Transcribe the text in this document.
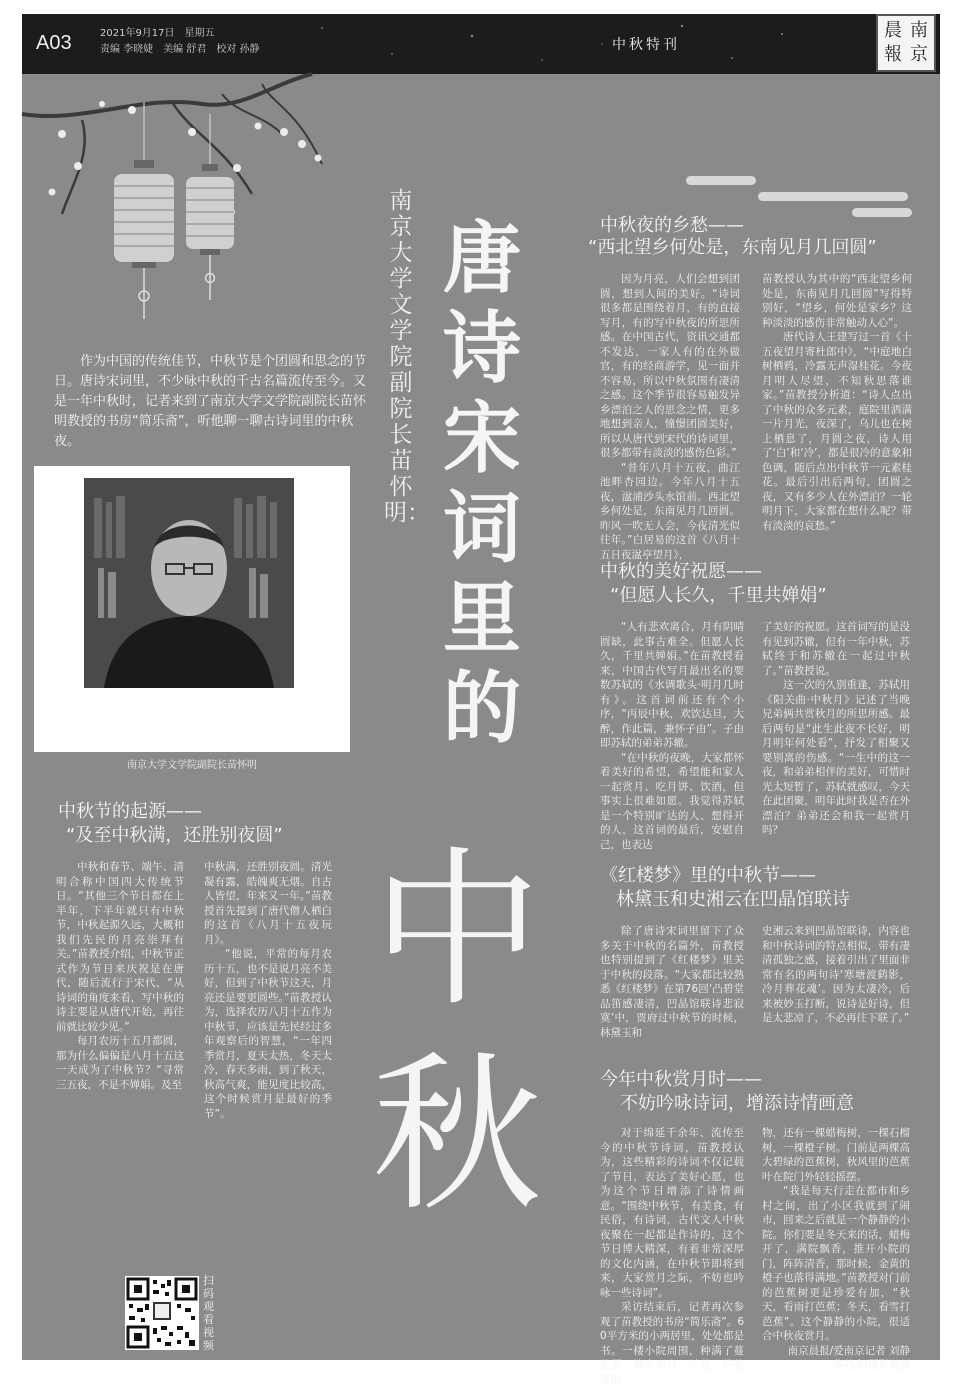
A03	2021年9月17日　星期五
责编 李晓婕　美编 舒君　校对 孙静	中秋特刊
晨 南
報 京
南京大学文学院副院长苗怀明：
唐
诗
宋
词
里
的
中
秋

作为中国的传统佳节，中秋节是个团圆和思念的节日。唐诗宋词里，不少咏中秋的千古名篇流传至今。又是一年中秋时，记者来到了南京大学文学院副院长苗怀明教授的书房“简乐斋”，听他聊一聊古诗词里的中秋夜。

南京大学文学院副院长苗怀明
中秋节的起源——
“及至中秋满，还胜别夜圆”

中秋和春节、端午、清明合称中国四大传统节日。“其他三个节日都在上半年，下半年就只有中秋节，中秋起源久远，大概和我们先民的月亮崇拜有关。”苗教授介绍，中秋节正式作为节日来庆祝是在唐代，随后流行于宋代，“从诗词的角度来看，写中秋的诗主要是从唐代开始，再往前就比较少见。”

每月农历十五月都圆，那为什么偏偏是八月十五这一天成为了中秋节？“寻常三五夜，不是不婵娟。及至

中秋满，还胜别夜圆。清光凝有露，皓魄爽无烟。自古人皆望，年来又一年。”苗教授首先提到了唐代僧人栖白的这首《八月十五夜玩月》。

“他说，平常的每月农历十五，也不是说月亮不美好，但到了中秋节这天，月亮还是要更圆些。”苗教授认为，选择农历八月十五作为中秋节，应该是先民经过多年观察后的智慧，“一年四季赏月，夏天太热，冬天太冷，春天多雨，到了秋天，秋高气爽，能见度比较高，这个时候赏月是最好的季节”。

中秋夜的乡愁——
“西北望乡何处是，东南见月几回圆”

因为月亮，人们会想到团圆，想到人间的美好。“诗词很多都是围绕着月，有的直接写月，有的写中秋夜的所思所感。在中国古代，资讯交通都不发达，一家人有的在外做官，有的经商游学，见一面并不容易，所以中秋氛围有凄清之感。这个季节很容易触发异乡漂泊之人的思念之情，更多地想到亲人，憧憬团圆美好，所以从唐代到宋代的诗词里，很多都带有淡淡的感伤色彩。”

“昔年八月十五夜，曲江池畔杏园边。今年八月十五夜，湓浦沙头水馆前。西北望乡何处是，东南见月几回圆。昨风一吹无人会，今夜清光似往年。”白居易的这首《八月十五日夜湓亭望月》，

苗教授认为其中的“西北望乡何处是，东南见月几回圆”写得特别好，“望乡，何处是家乡？这种淡淡的感伤非常触动人心”。

唐代诗人王建写过一首《十五夜望月寄杜郎中》，“中庭地白树栖鸦，冷露无声湿桂花。今夜月明人尽望，不知秋思落谁家。”苗教授分析道：“诗人点出了中秋的众多元素，庭院里洒满一片月光，夜深了，乌儿也在树上栖息了，月圆之夜，诗人用了‘白’和‘冷’，都是很冷的意象和色调，随后点出中秋节一元素桂花。最后引出后两句，团圆之夜，又有多少人在外漂泊？一轮明月下，大家都在想什么呢？带有淡淡的哀愁。”

中秋的美好祝愿——
“但愿人长久，千里共婵娟”

“人有悲欢离合，月有阴晴圆缺，此事古难全。但愿人长久，千里共婵娟。”在苗教授看来，中国古代写月最出名的要数苏轼的《水调歌头·明月几时有》。这首词前还有个小序，“丙辰中秋，欢饮达旦，大醉，作此篇，兼怀子由”。子由即苏轼的弟弟苏辙。

“在中秋的夜晚，大家都怀着美好的希望，希望能和家人一起赏月、吃月饼、饮酒，但事实上很难如愿。我觉得苏轼是一个特别旷达的人、想得开的人，这首词的最后，安慰自己，也表达

了美好的祝愿。这首词写的是没有见到苏辙，但有一年中秋，苏轼终于和苏辙在一起过中秋了。”苗教授说。

这一次的久别重逢，苏轼用《阳关曲·中秋月》记述了当晚兄弟俩共赏秋月的所思所感。最后两句是“此生此夜不长好，明月明年何处看”，抒发了相聚又要别离的伤感。“一生中的这一夜，和弟弟相伴的美好，可惜时光太短暂了，苏轼就感叹，今天在此团聚，明年此时我是否在外漂泊？弟弟还会和我一起赏月吗？

《红楼梦》里的中秋节——
林黛玉和史湘云在凹晶馆联诗

除了唐诗宋词里留下了众多关于中秋的名篇外，苗教授也特别提到了《红楼梦》里关于中秋的段落。“大家都比较熟悉《红楼梦》在第76回‘凸碧堂品笛感凄清，凹晶馆联诗悲寂寞’中，贾府过中秋节的时候，林黛玉和

史湘云来到凹晶馆联诗，内容也和中秋诗词的特点相似，带有凄清孤独之感，接着引出了里面非常有名的两句诗‘寒塘渡鹤影，冷月葬花魂’。因为太凄冷，后来被妙玉打断，说诗是好诗，但是太悲凉了，不必再往下联了。”

今年中秋赏月时——
不妨吟咏诗词，增添诗情画意

对于绵延千余年、流传至今的中秋节诗词，苗教授认为，这些精彩的诗词不仅记载了节日，表达了美好心愿，也为这个节日增添了诗情画意。“围绕中秋节，有美食，有民俗，有诗词，古代文人中秋夜聚在一起都是作诗的，这个节日博大精深，有着非常深厚的文化内涵，在中秋节即将到来，大家赏月之际，不妨也吟咏一些诗词”。

采访结束后，记者再次参观了苗教授的书房“简乐斋”。60平方米的小两居里，处处都是书。一楼小院周围，种满了蔓陀罗、滴水观音、兰花、芦荟等植

物，还有一棵蜡梅树，一棵石榴树，一棵橙子树。门前是两棵高大碧绿的芭蕉树，秋风里的芭蕉叶在院门外轻轻摇摆。

“我是每天行走在都市和乡村之间，出了小区我就到了闹市，回来之后就是一个静静的小院。你们要是冬天来的话，蜡梅开了，满院飘香，推开小院的门，阵阵清香，那时候，金黄的橙子也落得满地。”苗教授对门前的芭蕉树更是珍爱有加，“秋天，看雨打芭蕉；冬天，看雪打芭蕉”。这个静静的小院，很适合中秋夜赏月。

南京晨报/爱南京记者 刘静

华苏杰/摄影视频

扫码观看视频
